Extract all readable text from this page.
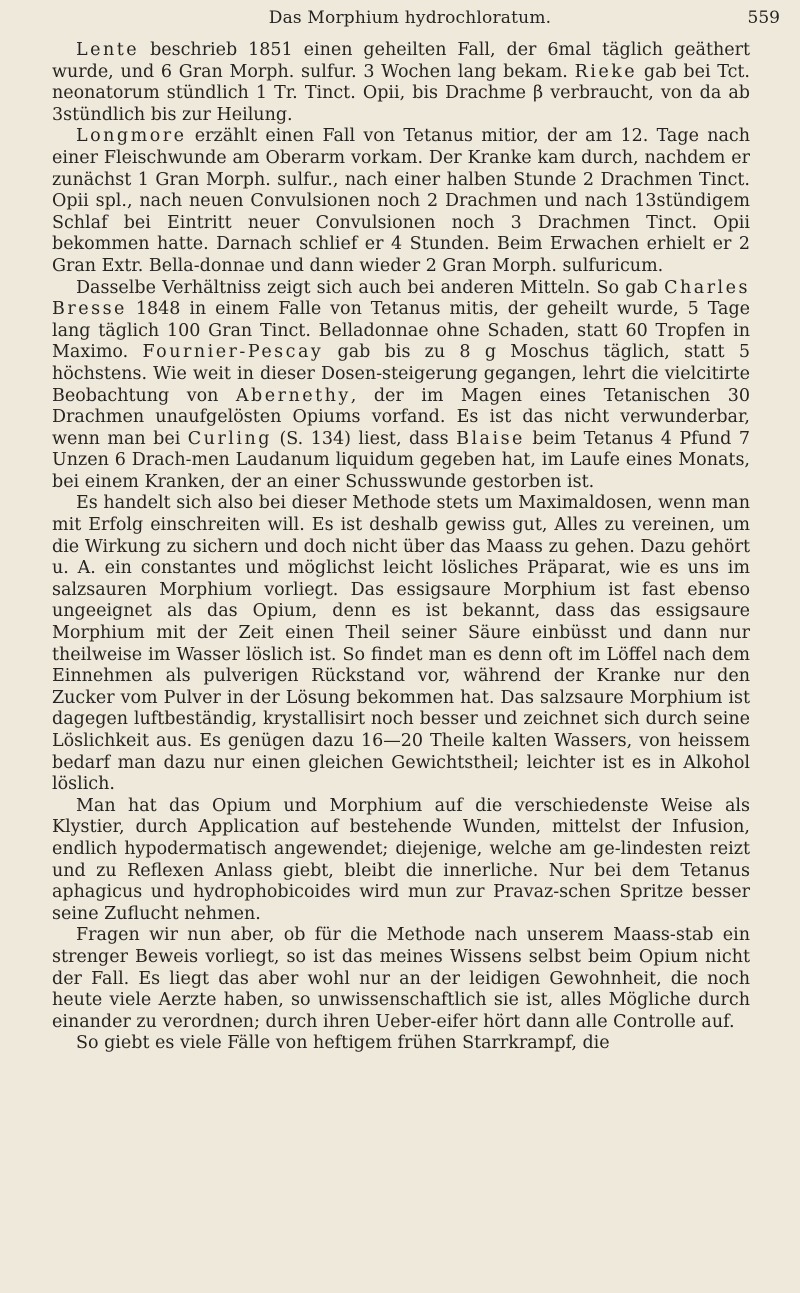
Das Morphium hydrochloratum.	559

Lente beschrieb 1851 einen geheilten Fall, der 6mal täglich geäthert wurde, und 6 Gran Morph. sulfur. 3 Wochen lang bekam. Rieke gab bei Tct. neonatorum stündlich 1 Tr. Tinct. Opii, bis Drachme β verbraucht, von da ab 3stündlich bis zur Heilung.

Longmore erzählt einen Fall von Tetanus mitior, der am 12. Tage nach einer Fleischwunde am Oberarm vorkam. Der Kranke kam durch, nachdem er zunächst 1 Gran Morph. sulfur., nach einer halben Stunde 2 Drachmen Tinct. Opii spl., nach neuen Convulsionen noch 2 Drachmen und nach 13stündigem Schlaf bei Eintritt neuer Convulsionen noch 3 Drachmen Tinct. Opii bekommen hatte. Darnach schlief er 4 Stunden. Beim Erwachen erhielt er 2 Gran Extr. Bella-donnae und dann wieder 2 Gran Morph. sulfuricum.

Dasselbe Verhältniss zeigt sich auch bei anderen Mitteln. So gab Charles Bresse 1848 in einem Falle von Tetanus mitis, der geheilt wurde, 5 Tage lang täglich 100 Gran Tinct. Belladonnae ohne Schaden, statt 60 Tropfen in Maximo. Fournier-Pescay gab bis zu 8 g Moschus täglich, statt 5 höchstens. Wie weit in dieser Dosen-steigerung gegangen, lehrt die vielcitirte Beobachtung von Abernethy, der im Magen eines Tetanischen 30 Drachmen unaufgelösten Opiums vorfand. Es ist das nicht verwunderbar, wenn man bei Curling (S. 134) liest, dass Blaise beim Tetanus 4 Pfund 7 Unzen 6 Drach-men Laudanum liquidum gegeben hat, im Laufe eines Monats, bei einem Kranken, der an einer Schusswunde gestorben ist.

Es handelt sich also bei dieser Methode stets um Maximaldosen, wenn man mit Erfolg einschreiten will. Es ist deshalb gewiss gut, Alles zu vereinen, um die Wirkung zu sichern und doch nicht über das Maass zu gehen. Dazu gehört u. A. ein constantes und möglichst leicht lösliches Präparat, wie es uns im salzsauren Morphium vorliegt. Das essigsaure Morphium ist fast ebenso ungeeignet als das Opium, denn es ist bekannt, dass das essigsaure Morphium mit der Zeit einen Theil seiner Säure einbüsst und dann nur theilweise im Wasser löslich ist. So findet man es denn oft im Löffel nach dem Einnehmen als pulverigen Rückstand vor, während der Kranke nur den Zucker vom Pulver in der Lösung bekommen hat. Das salzsaure Morphium ist dagegen luftbeständig, krystallisirt noch besser und zeichnet sich durch seine Löslichkeit aus. Es genügen dazu 16—20 Theile kalten Wassers, von heissem bedarf man dazu nur einen gleichen Gewichtstheil; leichter ist es in Alkohol löslich.

Man hat das Opium und Morphium auf die verschiedenste Weise als Klystier, durch Application auf bestehende Wunden, mittelst der Infusion, endlich hypodermatisch angewendet; diejenige, welche am ge-lindesten reizt und zu Reflexen Anlass giebt, bleibt die innerliche. Nur bei dem Tetanus aphagicus und hydrophobicoides wird mun zur Pravaz-schen Spritze besser seine Zuflucht nehmen.

Fragen wir nun aber, ob für die Methode nach unserem Maass-stab ein strenger Beweis vorliegt, so ist das meines Wissens selbst beim Opium nicht der Fall. Es liegt das aber wohl nur an der leidigen Gewohnheit, die noch heute viele Aerzte haben, so unwissenschaftlich sie ist, alles Mögliche durch einander zu verordnen; durch ihren Ueber-eifer hört dann alle Controlle auf.

So giebt es viele Fälle von heftigem frühen Starrkrampf, die
